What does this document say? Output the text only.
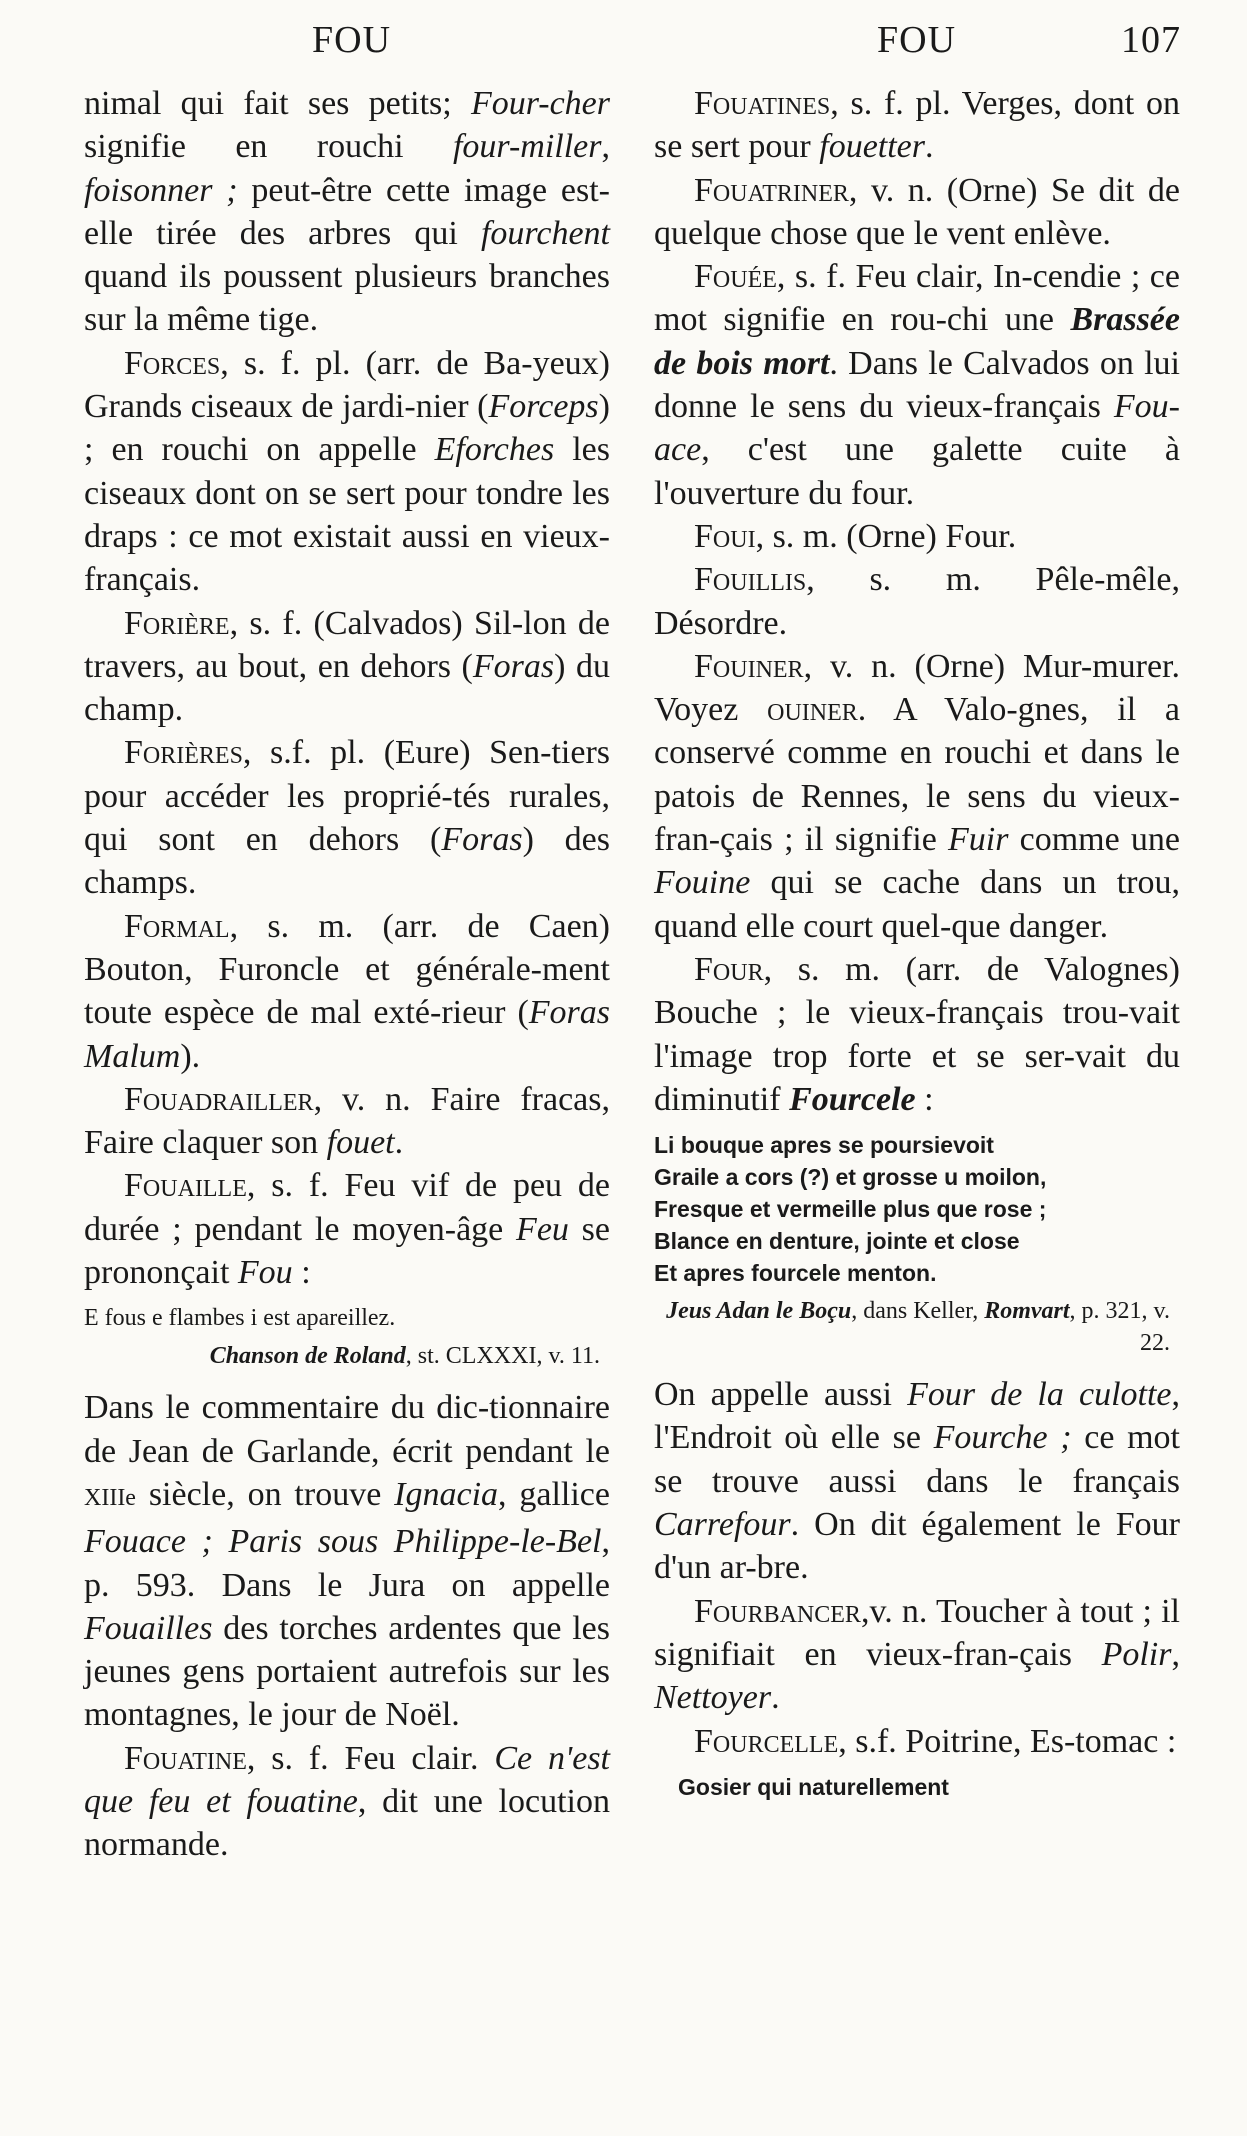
FOU	FOU	107

nimal qui fait ses petits; Four-cher signifie en rouchi four-miller, foisonner ; peut-être cette image est-elle tirée des arbres qui fourchent quand ils poussent plusieurs branches sur la même tige.

Forces, s. f. pl. (arr. de Ba-yeux) Grands ciseaux de jardi-nier (Forceps) ; en rouchi on appelle Eforches les ciseaux dont on se sert pour tondre les draps : ce mot existait aussi en vieux-français.

Forière, s. f. (Calvados) Sil-lon de travers, au bout, en dehors (Foras) du champ.

Forières, s.f. pl. (Eure) Sen-tiers pour accéder les proprié-tés rurales, qui sont en dehors (Foras) des champs.

Formal, s. m. (arr. de Caen) Bouton, Furoncle et générale-ment toute espèce de mal exté-rieur (Foras Malum).

Fouadrailler, v. n. Faire fracas, Faire claquer son fouet.

Fouaille, s. f. Feu vif de peu de durée ; pendant le moyen-âge Feu se prononçait Fou :

E fous e flambes i est apareillez.
Chanson de Roland, st. CLXXXI, v. 11.

Dans le commentaire du dic-tionnaire de Jean de Garlande, écrit pendant le XIIIe siècle, on trouve Ignacia, gallice Fouace ; Paris sous Philippe-le-Bel, p. 593. Dans le Jura on appelle Fouailles des torches ardentes que les jeunes gens portaient autrefois sur les montagnes, le jour de Noël.

Fouatine, s. f. Feu clair. Ce n'est que feu et fouatine, dit une locution normande.

Fouatines, s. f. pl. Verges, dont on se sert pour fouetter.

Fouatriner, v. n. (Orne) Se dit de quelque chose que le vent enlève.

Fouée, s. f. Feu clair, In-cendie ; ce mot signifie en rou-chi une Brassée de bois mort. Dans le Calvados on lui donne le sens du vieux-français Fou-ace, c'est une galette cuite à l'ouverture du four.

Foui, s. m. (Orne) Four.

Fouillis, s. m. Pêle-mêle, Désordre.

Fouiner, v. n. (Orne) Mur-murer. Voyez ouiner. A Valo-gnes, il a conservé comme en rouchi et dans le patois de Rennes, le sens du vieux-fran-çais ; il signifie Fuir comme une Fouine qui se cache dans un trou, quand elle court quel-que danger.

Four, s. m. (arr. de Valognes) Bouche ; le vieux-français trou-vait l'image trop forte et se ser-vait du diminutif Fourcele :

Li bouque apres se poursievoit
Graile a cors (?) et grosse u moilon,
Fresque et vermeille plus que rose ;
Blance en denture, jointe et close
Et apres fourcele menton.
Jeus Adan le Boçu, dans Keller, Romvart, p. 321, v. 22.

On appelle aussi Four de la culotte, l'Endroit où elle se Fourche ; ce mot se trouve aussi dans le français Carrefour. On dit également le Four d'un ar-bre.

Fourbancer,v. n. Toucher à tout ; il signifiait en vieux-fran-çais Polir, Nettoyer.

Fourcelle, s.f. Poitrine, Es-tomac :

Gosier qui naturellement
